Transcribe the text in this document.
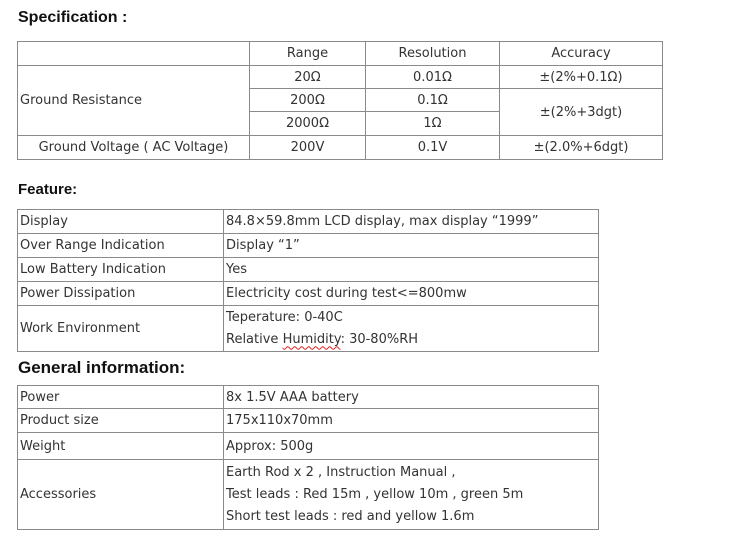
Specification :
	Range	Resolution	Accuracy
Ground Resistance	20Ω	0.01Ω	±(2%+0.1Ω)
	200Ω	0.1Ω	±(2%+3dgt)
	2000Ω	1Ω	
Ground Voltage ( AC Voltage)	200V	0.1V	±(2.0%+6dgt)
Feature:
Display	84.8×59.8mm LCD display, max display “1999”
Over Range Indication	Display “1”
Low Battery Indication	Yes
Power Dissipation	Electricity cost during test<=800mw
Work Environment	Teperature: 0-40C
Relative Humidity: 30-80%RH
General information:
Power	8x 1.5V AAA battery
Product size	175x110x70mm
Weight	Approx: 500g
Accessories	Earth Rod x 2 , Instruction Manual ,
Test leads : Red 15m , yellow 10m , green 5m
Short test leads : red and yellow 1.6m
